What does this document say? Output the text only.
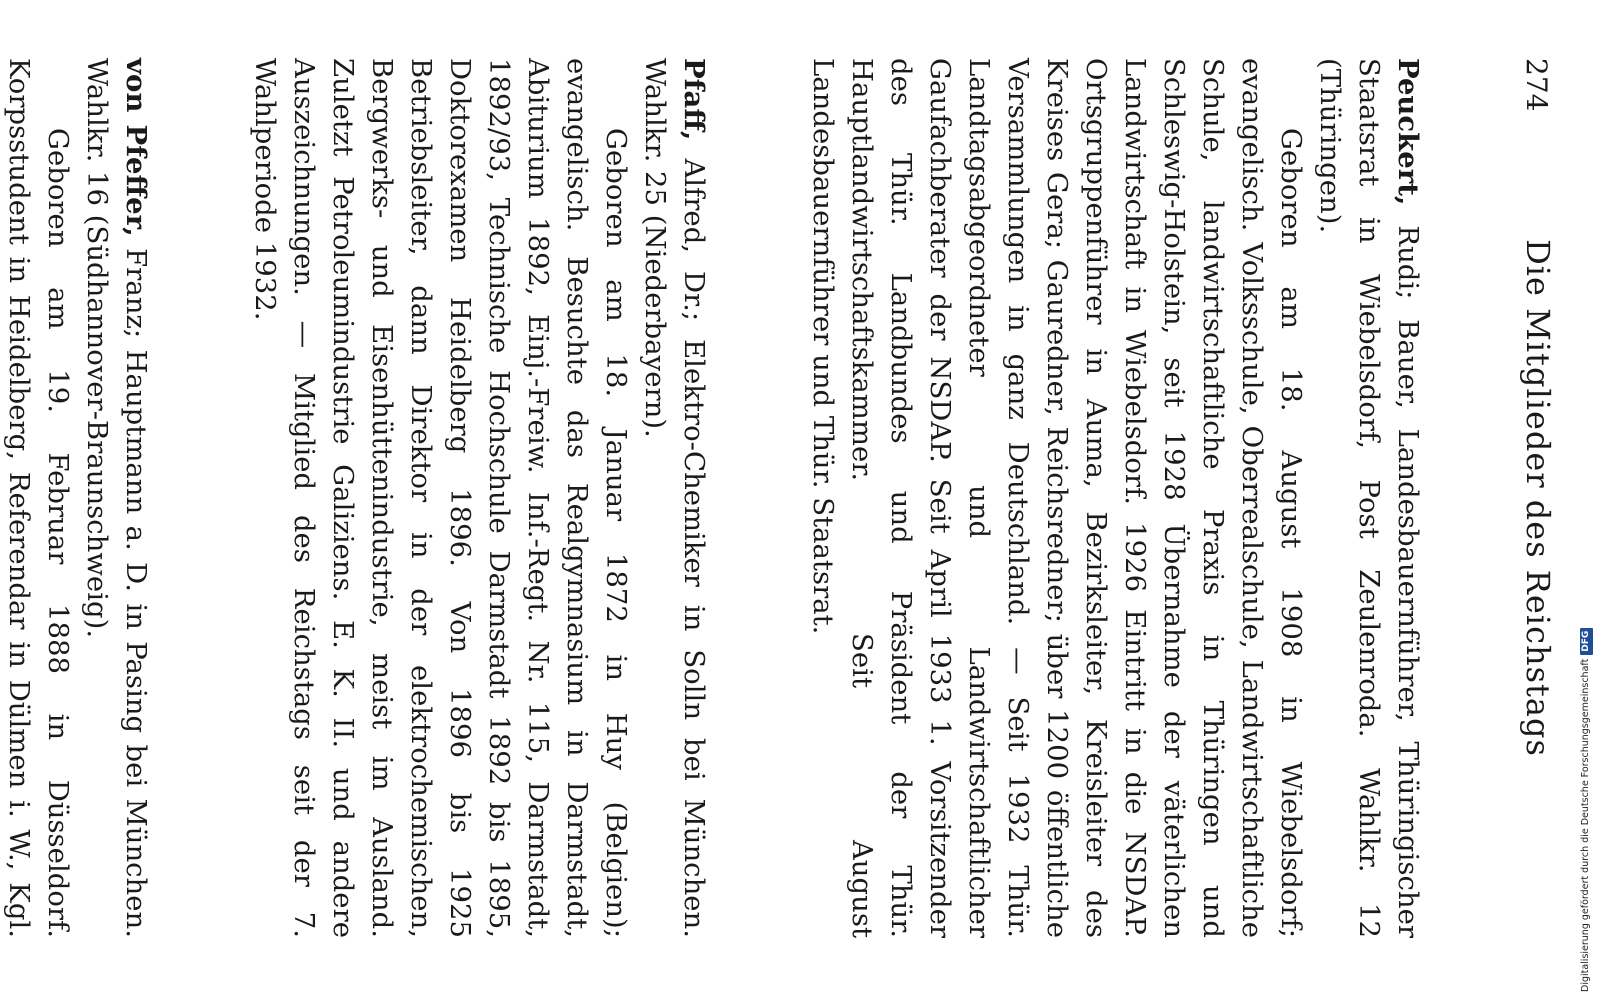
274
Die Mitglieder des Reichstags

Peuckert, Rudi; Bauer, Landesbauernführer, Thüringischer Staatsrat in Wiebelsdorf, Post Zeulenroda. Wahlkr. 12 (Thüringen).

Geboren am 18. August 1908 in Wiebelsdorf; evangelisch. Volksschule, Oberrealschule, Landwirtschaftliche Schule, landwirtschaftliche Praxis in Thüringen und Schleswig-Holstein, seit 1928 Übernahme der väterlichen Landwirtschaft in Wiebelsdorf. 1926 Eintritt in die NSDAP. Ortsgruppenführer in Auma, Bezirksleiter, Kreisleiter des Kreises Gera; Gauredner, Reichsredner; über 1200 öffentliche Versammlungen in ganz Deutschland. — Seit 1932 Thür. Landtagsabgeordneter und Landwirtschaftlicher Gaufachberater der NSDAP. Seit April 1933 1. Vorsitzender des Thür. Landbundes und Präsident der Thür. Hauptlandwirtschaftskammer. Seit August Landesbauernführer und Thür. Staatsrat.

Pfaff, Alfred, Dr.; Elektro-Chemiker in Solln bei München. Wahlkr. 25 (Niederbayern).

Geboren am 18. Januar 1872 in Huy (Belgien); evangelisch. Besuchte das Realgymnasium in Darmstadt, Abiturium 1892, Einj.-Freiw. Inf.-Regt. Nr. 115, Darmstadt, 1892/93, Technische Hochschule Darmstadt 1892 bis 1895, Doktorexamen Heidelberg 1896. Von 1896 bis 1925 Betriebsleiter, dann Direktor in der elektrochemischen, Bergwerks- und Eisenhüttenindustrie, meist im Ausland. Zuletzt Petroleumindustrie Galiziens. E. K. II. und andere Auszeichnungen. — Mitglied des Reichstags seit der 7. Wahlperiode 1932.

von Pfeffer, Franz; Hauptmann a. D. in Pasing bei München. Wahlkr. 16 (Südhannover-Braunschweig).

Geboren am 19. Februar 1888 in Düsseldorf. Korpsstudent in Heidelberg, Referendar in Dülmen i. W., Kgl.	Digitalisierung gefördert durch die Deutsche Forschungsgemeinschaft
DFG
